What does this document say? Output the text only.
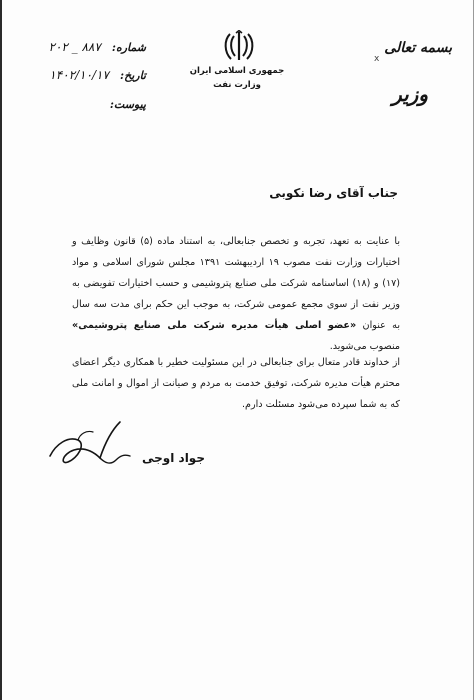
بسمه تعالی
x
وزیر
جمهوری اسلامی ایران
وزارت نفت
شماره: ۲۰۲ _ ۸۸۷
تاریخ: ۱۴۰۲/۱۰/۱۷
پیوست:
جناب آقای رضا نکوبی
با عنایت به تعهد، تجربه و تخصص جنابعالی، به استناد ماده (۵) قانون وظایف و اختیارات وزارت نفت مصوب ۱۹ اردیبهشت ۱۳۹۱ مجلس شورای اسلامی و مواد (۱۷) و (۱۸) اساسنامه شرکت ملی صنایع پتروشیمی و حسب اختیارات تفویضی به وزیر نفت از سوی مجمع عمومی شرکت، به موجب این حکم برای مدت سه سال به عنوان «عضو اصلی هیأت مدیره شرکت ملی صنایع پتروشیمی» منصوب می‌شوید.
از خداوند قادر متعال برای جنابعالی در این مسئولیت خطیر با همکاری دیگر اعضای محترم هیأت مدیره شرکت، توفیق خدمت به مردم و صیانت از اموال و امانت ملی که به شما سپرده می‌شود مسئلت دارم.
جواد اوجی
